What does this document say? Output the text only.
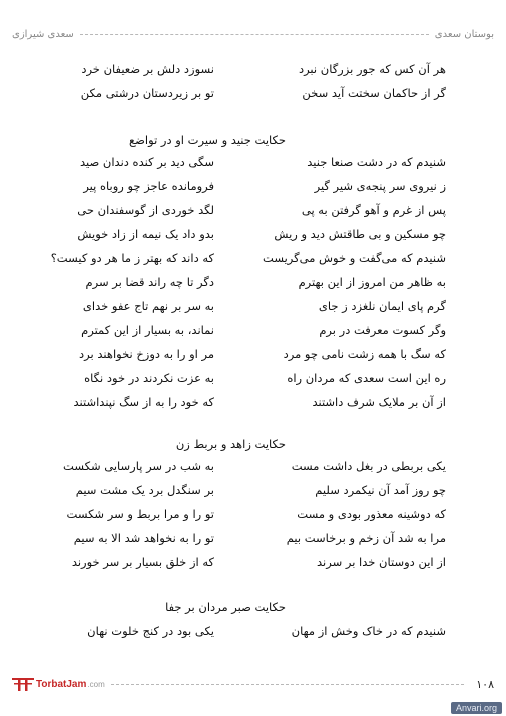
بوستان سعدی
سعدی شیرازی
هر آن کس که جور بزرگان نبرد
نسوزد دلش بر ضعیفان خرد
گر از حاکمان سختت آید سخن
تو بر زیردستان درشتی مکن
حکایت جنید و سیرت او در تواضع
شنیدم که در دشت صنعا جنید
سگی دید بر کنده دندان صید
ز نیروی سر پنجه‌ی شیر گیر
فرومانده عاجز چو روباه پیر
پس از غرم و آهو گرفتن به پی
لگد خوردی از گوسفندان حی
چو مسکین و بی طاقتش دید و ریش
بدو داد یک نیمه از زاد خویش
شنیدم که می‌گفت و خوش می‌گریست
که داند که بهتر ز ما هر دو کیست؟
به ظاهر من امروز از این بهترم
دگر تا چه راند قضا بر سرم
گرم پای ایمان نلغزد ز جای
به سر بر نهم تاج عفو خدای
وگر کسوت معرفت در برم
نماند، به بسیار از این کمترم
که سگ با همه زشت نامی چو مرد
مر او را به دوزخ نخواهند برد
ره این است سعدی که مردان راه
به عزت نکردند در خود نگاه
از آن بر ملایک شرف داشتند
که خود را به از سگ نپنداشتند
حکایت زاهد و بربط زن
یکی بربطی در بغل داشت مست
به شب در سر پارسایی شکست
چو روز آمد آن نیکمرد سلیم
بر سنگدل برد یک مشت سیم
که دوشینه معذور بودی و مست
تو را و مرا بربط و سر شکست
مرا به شد آن زخم و برخاست بیم
تو را به نخواهد شد الا به سیم
از این دوستان خدا بر سرند
که از خلق بسیار بر سر خورند
حکایت صبر مردان بر جفا
شنیدم که در خاک وخش از مهان
یکی بود در کنج خلوت نهان
۱۰۸
TorbatJam .com
Anvari.org
